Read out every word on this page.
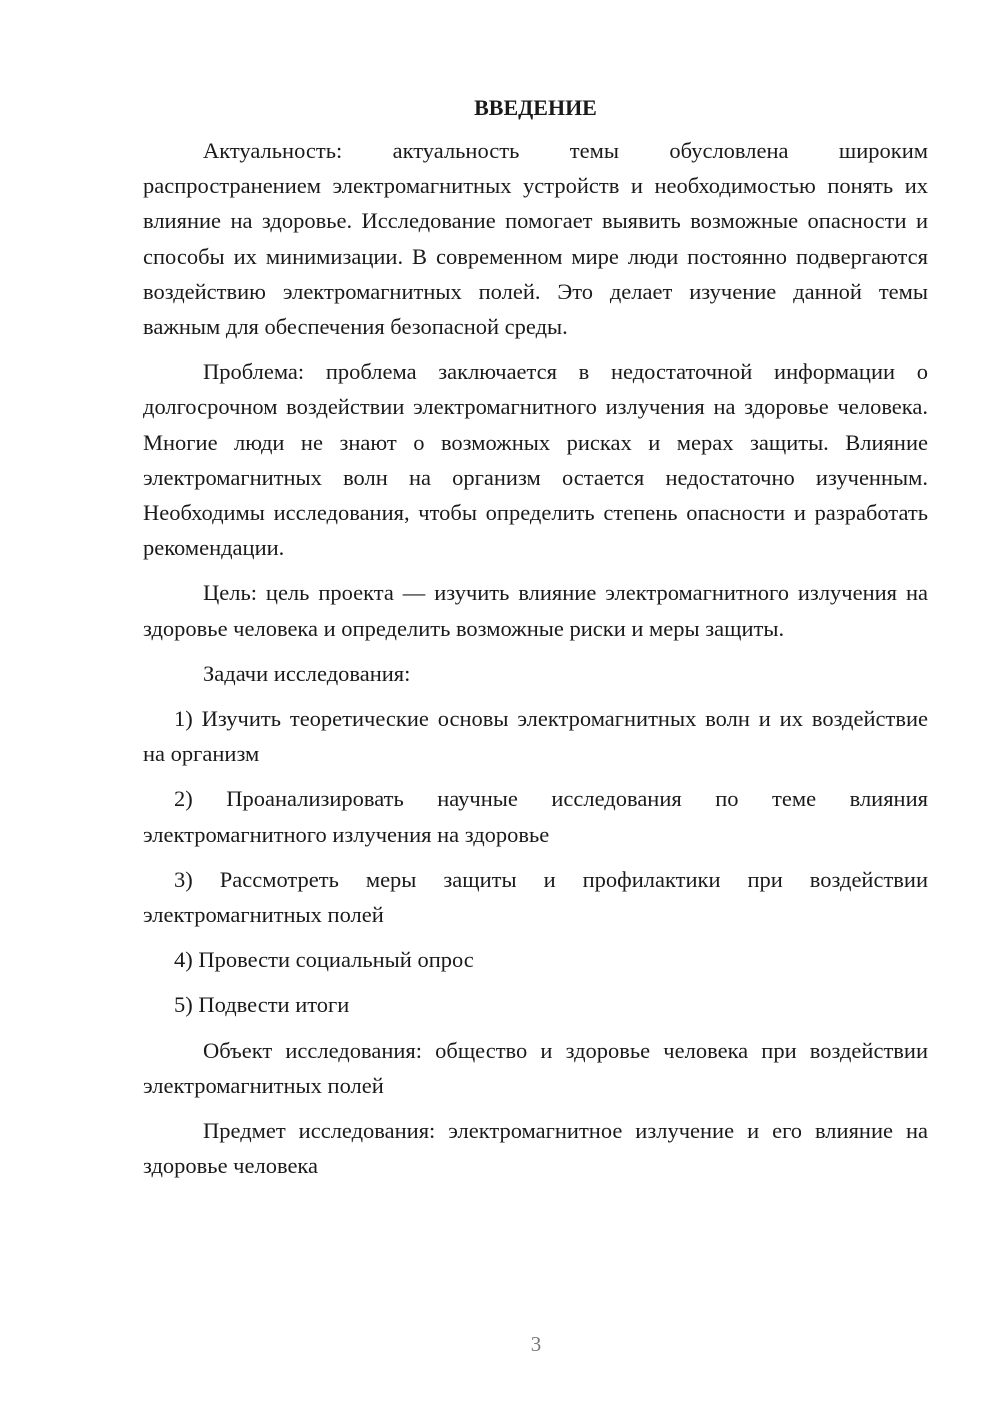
ВВЕДЕНИЕ

Актуальность: актуальность темы обусловлена широким распространением электромагнитных устройств и необходимостью понять их влияние на здоровье. Исследование помогает выявить возможные опасности и способы их минимизации. В современном мире люди постоянно подвергаются воздействию электромагнитных полей. Это делает изучение данной темы важным для обеспечения безопасной среды.

Проблема: проблема заключается в недостаточной информации о долгосрочном воздействии электромагнитного излучения на здоровье человека. Многие люди не знают о возможных рисках и мерах защиты. Влияние электромагнитных волн на организм остается недостаточно изученным. Необходимы исследования, чтобы определить степень опасности и разработать рекомендации.

Цель: цель проекта — изучить влияние электромагнитного излучения на здоровье человека и определить возможные риски и меры защиты.

Задачи исследования:

1) Изучить теоретические основы электромагнитных волн и их воздействие на организм

2) Проанализировать научные исследования по теме влияния электромагнитного излучения на здоровье

3) Рассмотреть меры защиты и профилактики при воздействии электромагнитных полей

4) Провести социальный опрос

5) Подвести итоги

Объект исследования: общество и здоровье человека при воздействии электромагнитных полей

Предмет исследования: электромагнитное излучение и его влияние на здоровье человека

3
